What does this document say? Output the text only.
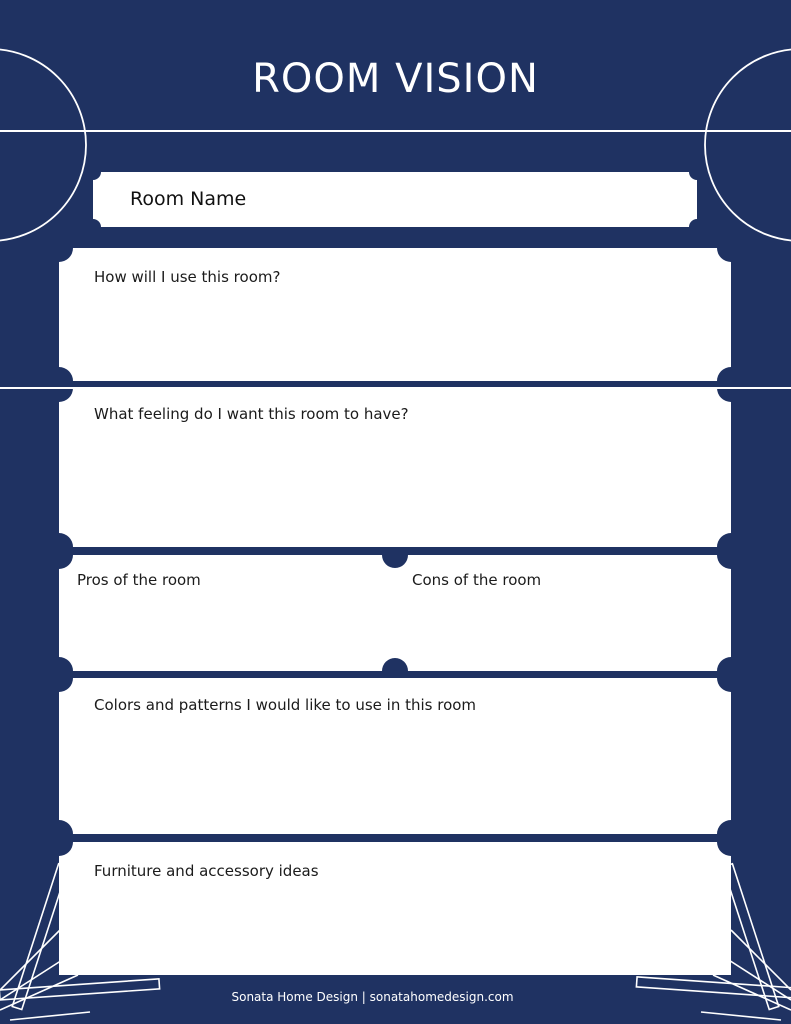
ROOM VISION
Room Name
How will I use this room?
What feeling do I want this room to have?
Pros of the room	Cons of the room
Colors and patterns I would like to use in this room
Furniture and accessory ideas
Sonata Home Design | sonatahomedesign.com
